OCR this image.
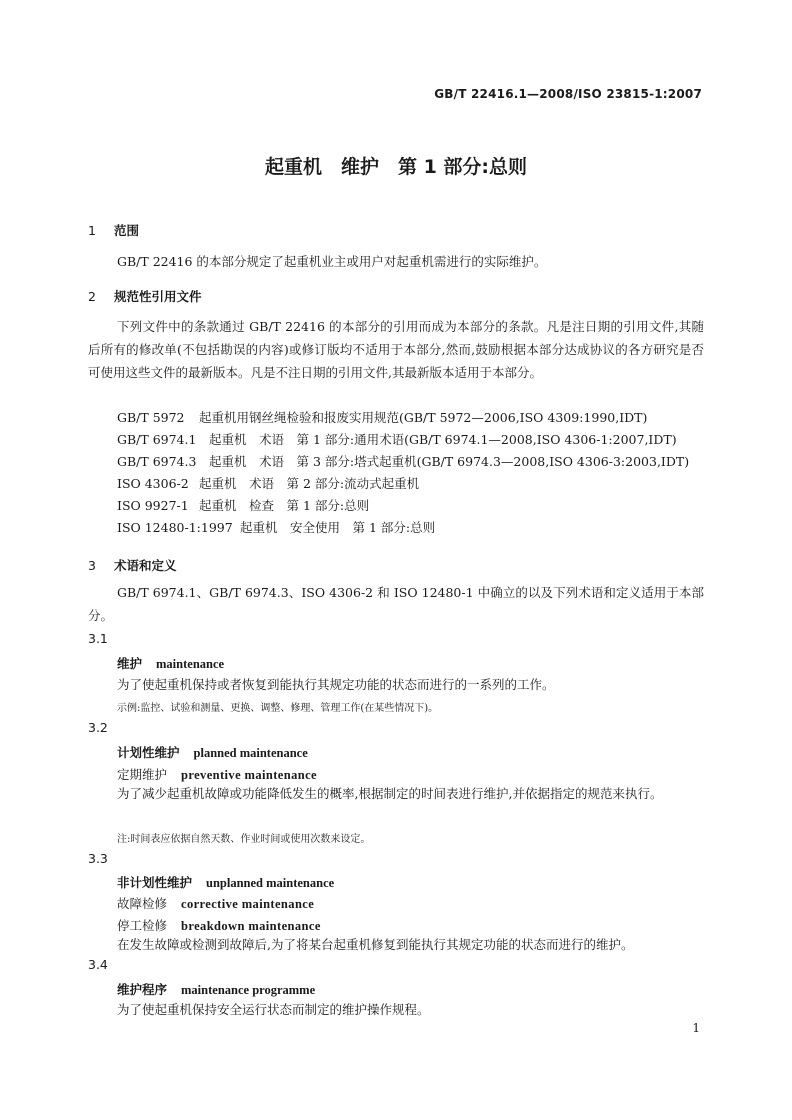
GB/T 22416.1—2008/ISO 23815-1:2007
起重机　维护　第 1 部分:总则
1 范围
GB/T 22416 的本部分规定了起重机业主或用户对起重机需进行的实际维护。
2 规范性引用文件
下列文件中的条款通过 GB/T 22416 的本部分的引用而成为本部分的条款。凡是注日期的引用文件,其随后所有的修改单(不包括勘误的内容)或修订版均不适用于本部分,然而,鼓励根据本部分达成协议的各方研究是否可使用这些文件的最新版本。凡是不注日期的引用文件,其最新版本适用于本部分。
GB/T 5972 起重机用钢丝绳检验和报废实用规范(GB/T 5972—2006,ISO 4309:1990,IDT)
GB/T 6974.1 起重机　术语　第 1 部分:通用术语(GB/T 6974.1—2008,ISO 4306-1:2007,IDT)
GB/T 6974.3 起重机　术语　第 3 部分:塔式起重机(GB/T 6974.3—2008,ISO 4306-3:2003,IDT)
ISO 4306-2 起重机　术语　第 2 部分:流动式起重机
ISO 9927-1 起重机　检查　第 1 部分:总则
ISO 12480-1:1997 起重机　安全使用　第 1 部分:总则
3 术语和定义
GB/T 6974.1、GB/T 6974.3、ISO 4306-2 和 ISO 12480-1 中确立的以及下列术语和定义适用于本部分。
3.1
维护 maintenance
为了使起重机保持或者恢复到能执行其规定功能的状态而进行的一系列的工作。
示例:监控、试验和测量、更换、调整、修理、管理工作(在某些情况下)。
3.2
计划性维护 planned maintenance
定期维护 preventive maintenance
为了减少起重机故障或功能降低发生的概率,根据制定的时间表进行维护,并依据指定的规范来执行。
注:时间表应依据自然天数、作业时间或使用次数来设定。
3.3
非计划性维护 unplanned maintenance
故障检修 corrective maintenance
停工检修 breakdown maintenance
在发生故障或检测到故障后,为了将某台起重机修复到能执行其规定功能的状态而进行的维护。
3.4
维护程序 maintenance programme
为了使起重机保持安全运行状态而制定的维护操作规程。
1
